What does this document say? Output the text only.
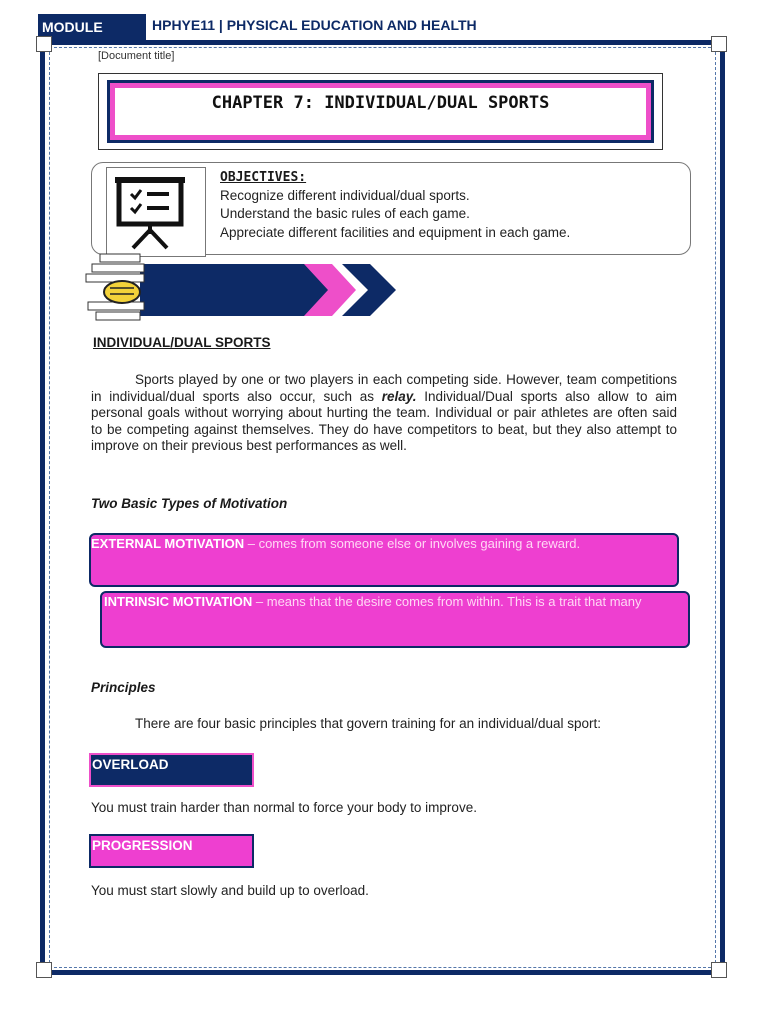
MODULE	HPHYE11 | PHYSICAL EDUCATION AND HEALTH
[Document title]
CHAPTER 7: INDIVIDUAL/DUAL SPORTS
OBJECTIVES:
Recognize different individual/dual sports.
Understand the basic rules of each game.
Appreciate different facilities and equipment in each game.
INDIVIDUAL/DUAL SPORTS
Sports played by one or two players in each competing side. However, team competitions in individual/dual sports also occur, such as relay. Individual/Dual sports also allow to aim personal goals without worrying about hurting the team. Individual or pair athletes are often said to be competing against themselves. They do have competitors to beat, but they also attempt to improve on their previous best performances as well.
Two Basic Types of Motivation
EXTERNAL MOTIVATION – comes from someone else or involves gaining a reward.
INTRINSIC MOTIVATION – means that the desire comes from within. This is a trait that many
Principles
There are four basic principles that govern training for an individual/dual sport:
OVERLOAD
You must train harder than normal to force your body to improve.
PROGRESSION
You must start slowly and build up to overload.
